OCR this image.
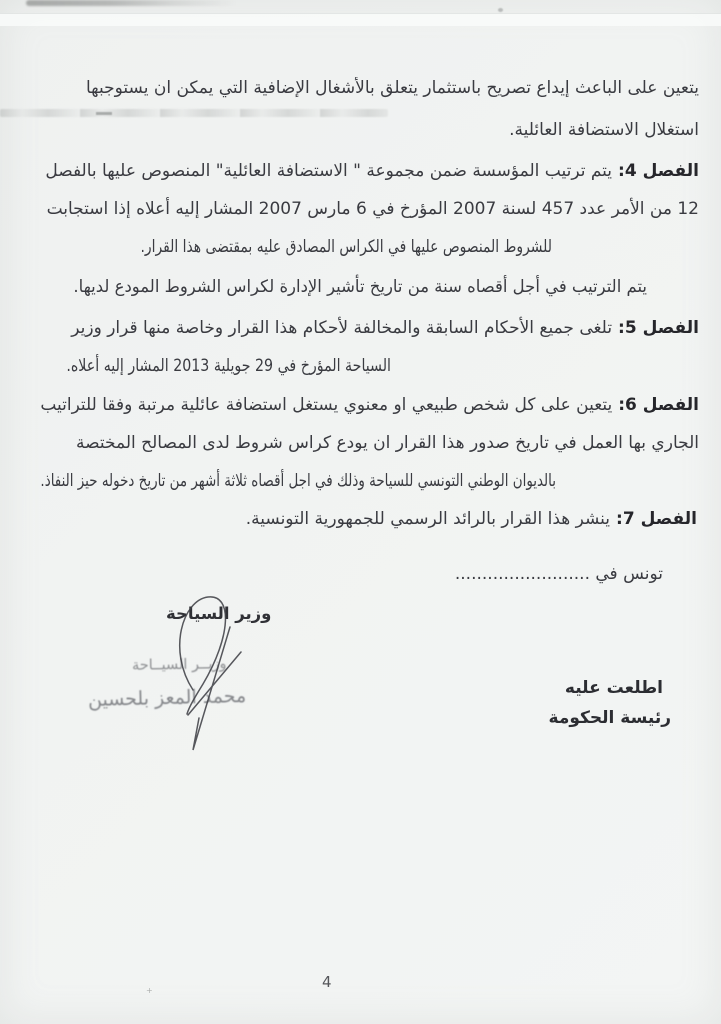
+
يتعين على الباعث إيداع تصريح باستثمار يتعلق بالأشغال الإضافية التي يمكن ان يستوجبها
استغلال الاستضافة العائلية.
الفصل 4:يتم ترتيب المؤسسة ضمن مجموعة " الاستضافة العائلية" المنصوص عليها بالفصل
12 من الأمر عدد 457 لسنة 2007 المؤرخ في 6 مارس 2007 المشار إليه أعلاه إذا استجابت
للشروط المنصوص عليها في الكراس المصادق عليه بمقتضى هذا القرار.
يتم الترتيب في أجل أقصاه سنة من تاريخ تأشير الإدارة لكراس الشروط المودع لديها.
الفصل 5:تلغى جميع الأحكام السابقة والمخالفة لأحكام هذا القرار وخاصة منها قرار وزير
السياحة المؤرخ في 29 جويلية 2013 المشار إليه أعلاه.
الفصل 6:يتعين على كل شخص طبيعي او معنوي يستغل استضافة عائلية مرتبة وفقا للتراتيب
الجاري بها العمل في تاريخ صدور هذا القرار ان يودع كراس شروط لدى المصالح المختصة
بالديوان الوطني التونسي للسياحة وذلك في اجل أقصاه ثلاثة أشهر من تاريخ دخوله حيز النفاذ.
الفصل 7:ينشر هذا القرار بالرائد الرسمي للجمهورية التونسية.
تونس في .........................
وزير السياحة
وزيــر السيــاحة
محمد المعز بلحسين	اطلعت عليه
رئيسة الحكومة
4
